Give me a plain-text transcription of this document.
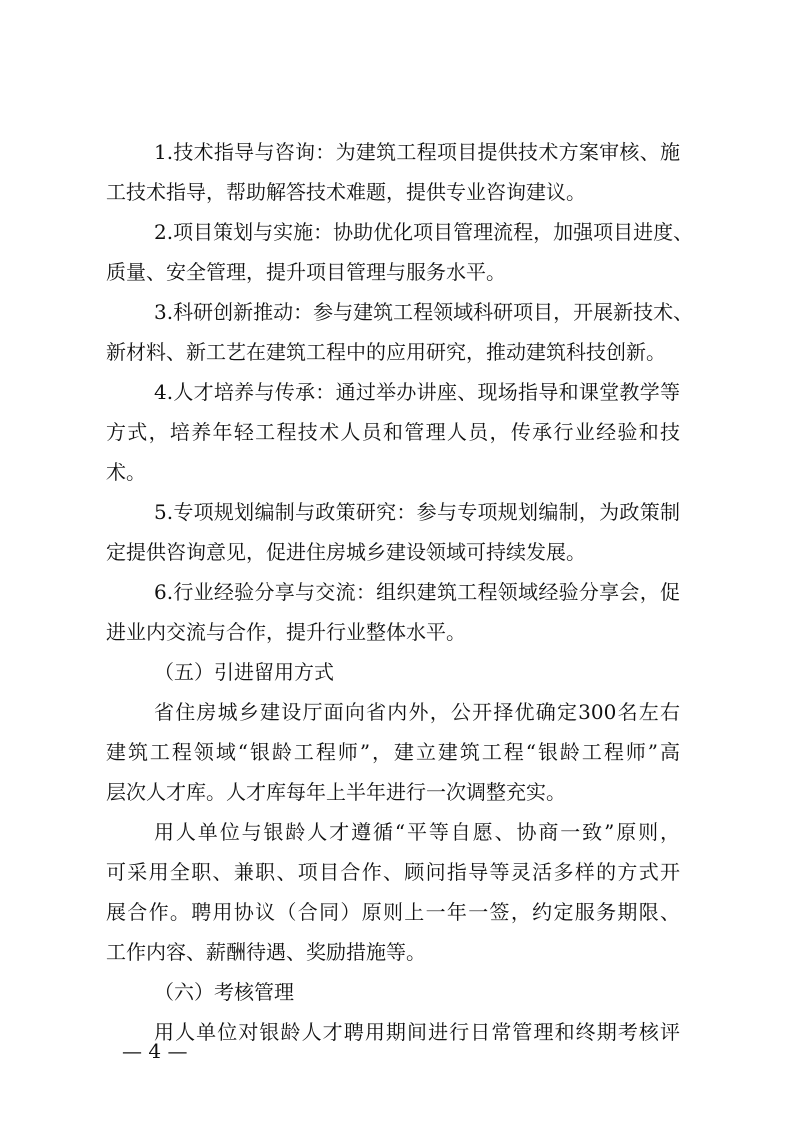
1.技术指导与咨询：为建筑工程项目提供技术方案审核、施
工技术指导，帮助解答技术难题，提供专业咨询建议。
2.项目策划与实施：协助优化项目管理流程，加强项目进度、
质量、安全管理，提升项目管理与服务水平。
3.科研创新推动：参与建筑工程领域科研项目，开展新技术、
新材料、新工艺在建筑工程中的应用研究，推动建筑科技创新。
4.人才培养与传承：通过举办讲座、现场指导和课堂教学等
方式，培养年轻工程技术人员和管理人员，传承行业经验和技
术。
5.专项规划编制与政策研究：参与专项规划编制，为政策制
定提供咨询意见，促进住房城乡建设领域可持续发展。
6.行业经验分享与交流：组织建筑工程领域经验分享会，促
进业内交流与合作，提升行业整体水平。
（五）引进留用方式
省住房城乡建设厅面向省内外，公开择优确定300名左右
建筑工程领域“银龄工程师”，建立建筑工程“银龄工程师”高
层次人才库。人才库每年上半年进行一次调整充实。
用人单位与银龄人才遵循“平等自愿、协商一致”原则，
可采用全职、兼职、项目合作、顾问指导等灵活多样的方式开
展合作。聘用协议（合同）原则上一年一签，约定服务期限、
工作内容、薪酬待遇、奖励措施等。
（六）考核管理
用人单位对银龄人才聘用期间进行日常管理和终期考核评
— 4 —
